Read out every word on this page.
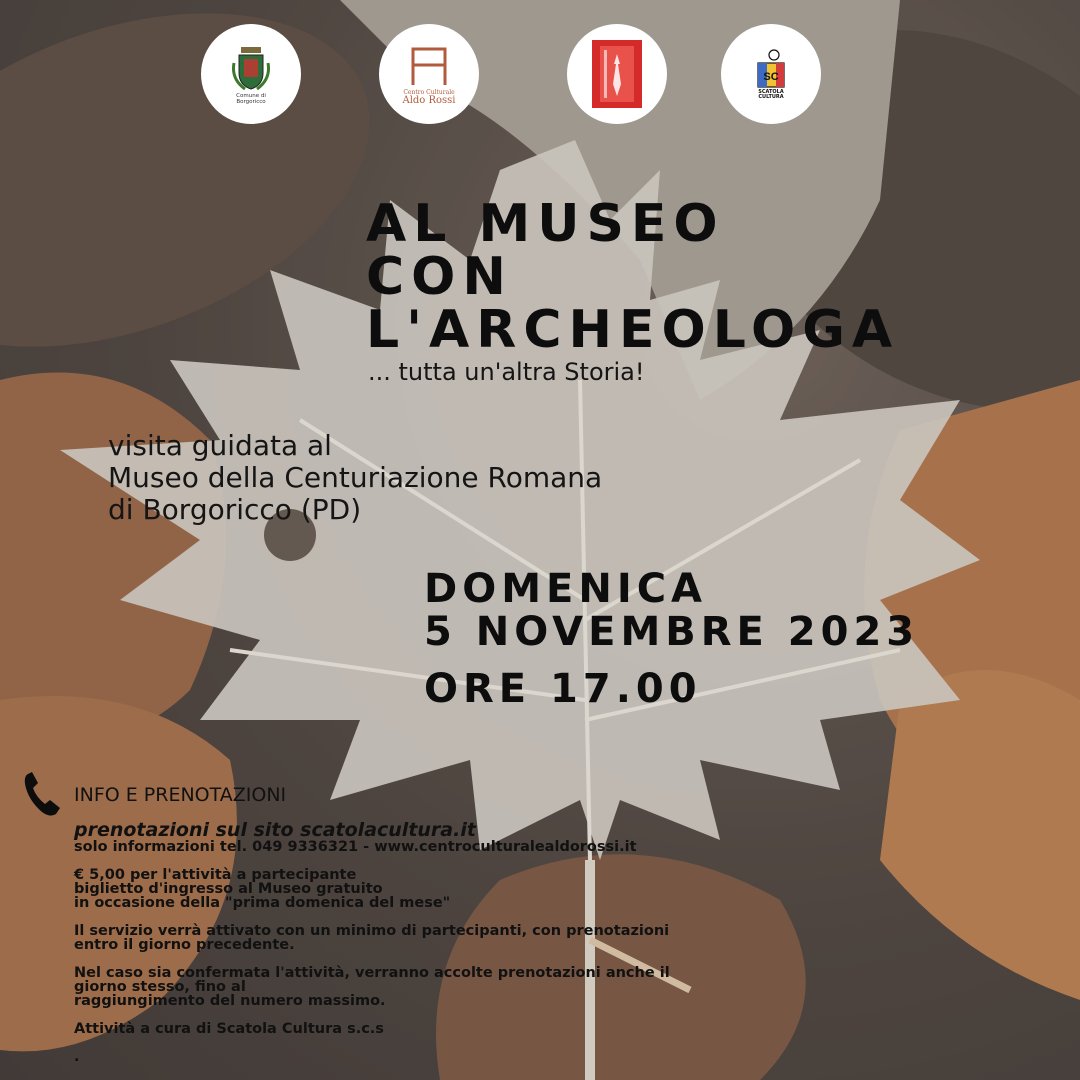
Comune di
Borgoricco
Centro Culturale
Aldo Rossi
SC
SCATOLA
CULTURA
AL MUSEO
CON
L'ARCHEOLOGA
... tutta un'altra Storia!
visita guidata al
Museo della Centuriazione Romana
di Borgoricco (PD)
DOMENICA
5 NOVEMBRE 2023
ORE 17.00
INFO E PRENOTAZIONI
prenotazioni sul sito scatolacultura.it
solo informazioni tel. 049 9336321 - www.centroculturalealdorossi.it
€ 5,00 per l'attività a partecipante
biglietto d'ingresso al Museo gratuito
in occasione della "prima domenica del mese"
Il servizio verrà attivato con un minimo di partecipanti, con prenotazioni
entro il giorno precedente.
Nel caso sia confermata l'attività, verranno accolte prenotazioni anche il
giorno stesso, fino al
raggiungimento del numero massimo.
Attività a cura di Scatola Cultura s.c.s
.
